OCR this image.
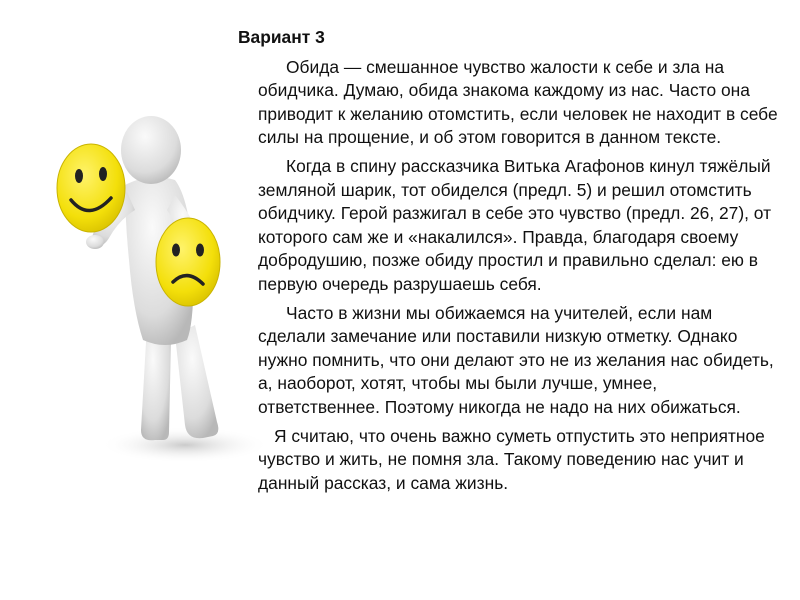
Вариант 3
Обида — смешанное чувство жалости к себе и зла на обидчика. Думаю, обида знакома каждому из нас. Часто она приводит к желанию отомстить, если человек не находит в себе силы на прощение, и об этом говорится в данном тексте.
Когда в спину рассказчика Витька Агафонов кинул тяжёлый земляной шарик, тот обиделся (предл. 5) и решил отомстить обидчику. Герой разжигал в себе это чувство (предл. 26, 27), от которого сам же и «накалился». Правда, благодаря своему добродушию, позже обиду простил и правильно сделал: ею в первую очередь разрушаешь себя.
Часто в жизни мы обижаемся на учителей, если нам сделали замечание или поставили низкую отметку. Однако нужно помнить, что они делают это не из желания нас обидеть, а, наоборот, хотят, чтобы мы были лучше, умнее, ответственнее. Поэтому никогда не надо на них обижаться.
Я считаю, что очень важно суметь отпустить это неприятное чувство и жить, не помня зла. Такому поведению нас учит и данный рассказ, и сама жизнь.
